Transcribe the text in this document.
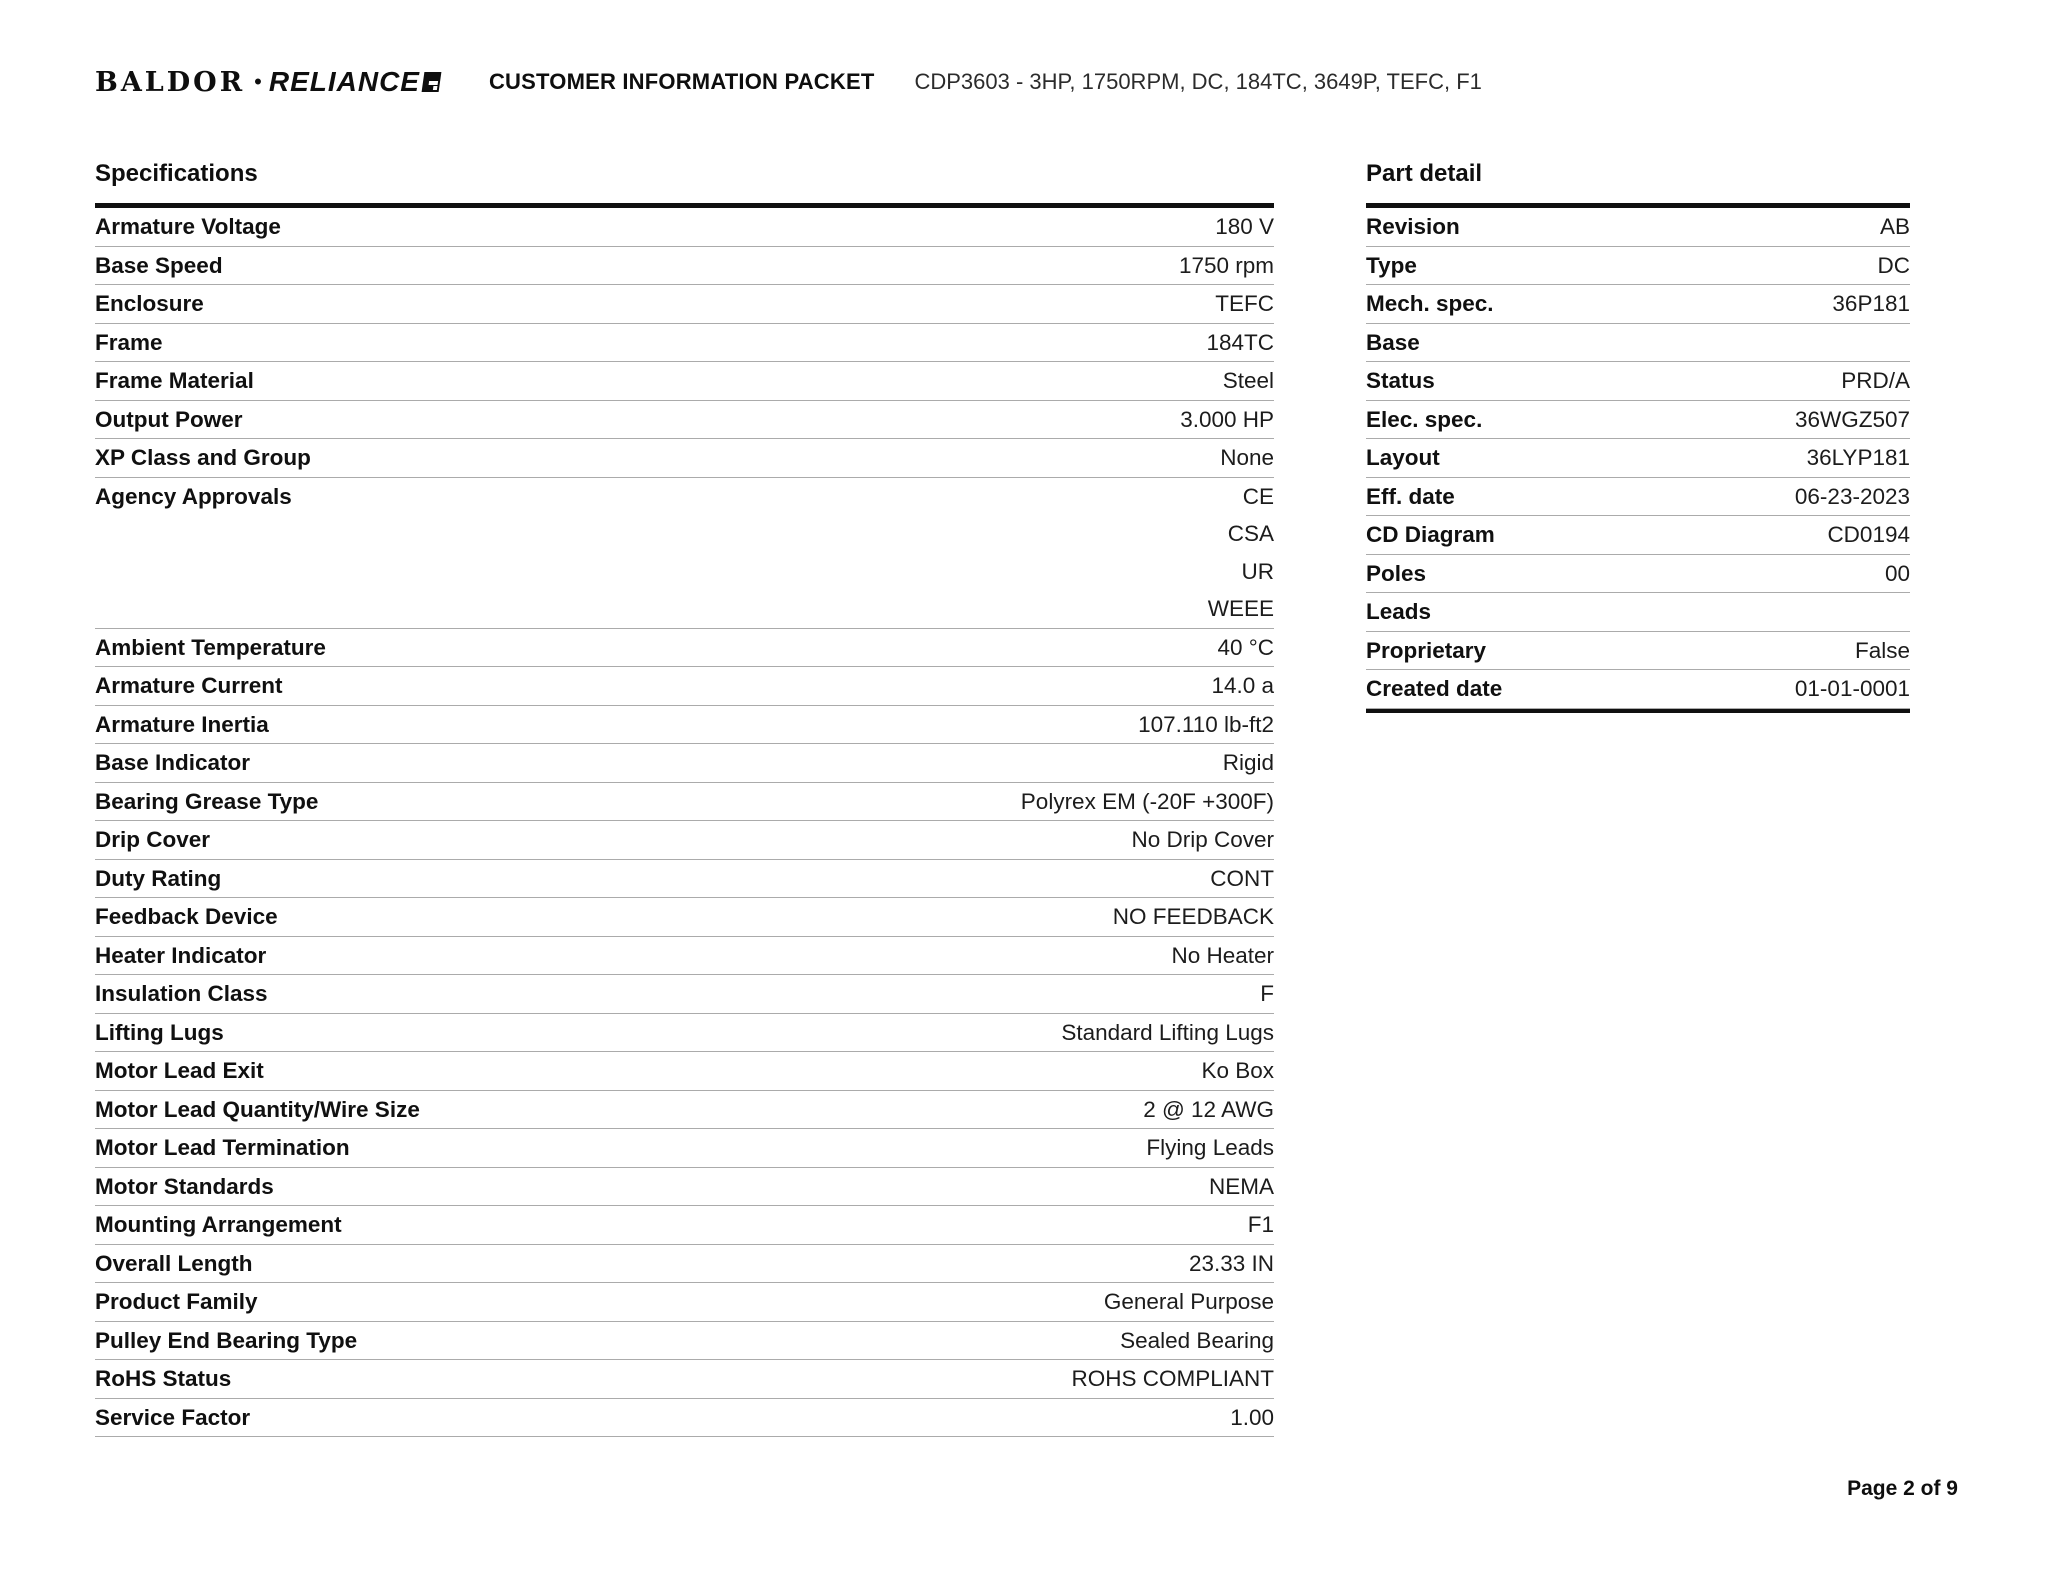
BALDOR • RELIANCE	CUSTOMER INFORMATION PACKET CDP3603 - 3HP, 1750RPM, DC, 184TC, 3649P, TEFC, F1
Specifications
Armature Voltage	180 V
Base Speed	1750 rpm
Enclosure	TEFC
Frame	184TC
Frame Material	Steel
Output Power	3.000 HP
XP Class and Group	None
Agency Approvals	CE
CSA
UR
WEEE
Ambient Temperature	40 °C
Armature Current	14.0 a
Armature Inertia	107.110 lb-ft2
Base Indicator	Rigid
Bearing Grease Type	Polyrex EM (-20F +300F)
Drip Cover	No Drip Cover
Duty Rating	CONT
Feedback Device	NO FEEDBACK
Heater Indicator	No Heater
Insulation Class	F
Lifting Lugs	Standard Lifting Lugs
Motor Lead Exit	Ko Box
Motor Lead Quantity/Wire Size	2 @ 12 AWG
Motor Lead Termination	Flying Leads
Motor Standards	NEMA
Mounting Arrangement	F1
Overall Length	23.33 IN
Product Family	General Purpose
Pulley End Bearing Type	Sealed Bearing
RoHS Status	ROHS COMPLIANT
Service Factor	1.00
Part detail
Revision	AB
Type	DC
Mech. spec.	36P181
Base
Status	PRD/A
Elec. spec.	36WGZ507
Layout	36LYP181
Eff. date	06-23-2023
CD Diagram	CD0194
Poles	00
Leads
Proprietary	False
Created date	01-01-0001
Page 2 of 9
